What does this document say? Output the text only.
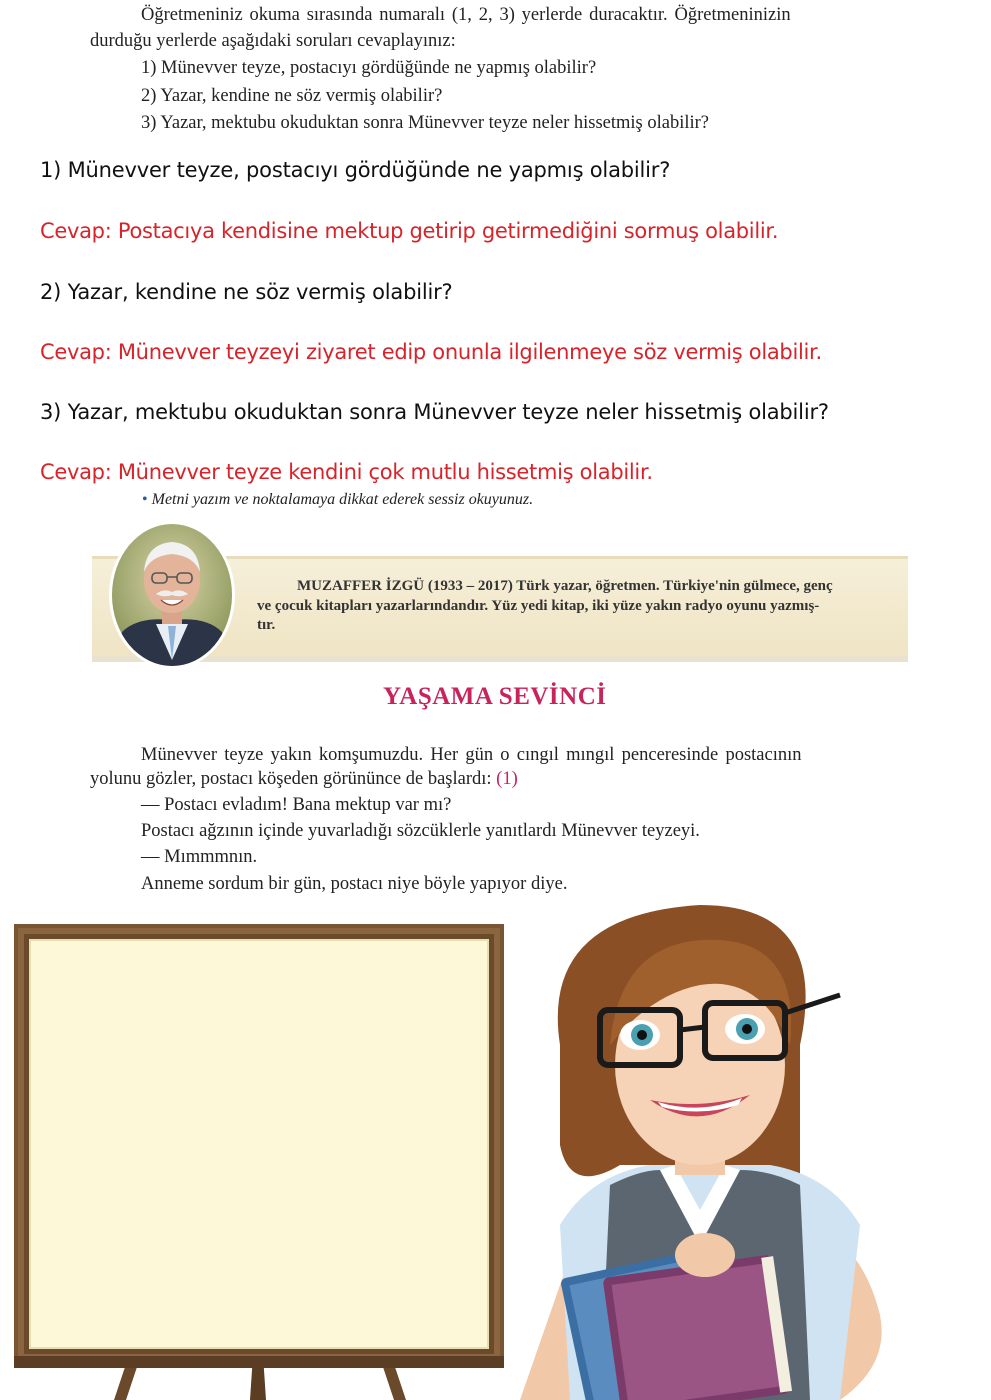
Öğretmeniniz okuma sırasında numaralı (1, 2, 3) yerlerde duracaktır. Öğretmeninizin
durduğu yerlerde aşağıdaki soruları cevaplayınız:
1) Münevver teyze, postacıyı gördüğünde ne yapmış olabilir?
2) Yazar, kendine ne söz vermiş olabilir?
3) Yazar, mektubu okuduktan sonra Münevver teyze neler hissetmiş olabilir?
1) Münevver teyze, postacıyı gördüğünde ne yapmış olabilir?
Cevap: Postacıya kendisine mektup getirip getirmediğini sormuş olabilir.
2) Yazar, kendine ne söz vermiş olabilir?
Cevap: Münevver teyzeyi ziyaret edip onunla ilgilenmeye söz vermiş olabilir.
3) Yazar, mektubu okuduktan sonra Münevver teyze neler hissetmiş olabilir?
Cevap: Münevver teyze kendini çok mutlu hissetmiş olabilir.
• Metni yazım ve noktalamaya dikkat ederek sessiz okuyunuz.
MUZAFFER İZGÜ (1933 – 2017) Türk yazar, öğretmen. Türkiye'nin gülmece, genç
ve çocuk kitapları yazarlarındandır. Yüz yedi kitap, iki yüze yakın radyo oyunu yazmış-
tır.
YAŞAMA SEVİNCİ
Münevver teyze yakın komşumuzdu. Her gün o cıngıl mıngıl penceresinde postacının
yolunu gözler, postacı köşeden görününce de başlardı: (1)
— Postacı evladım! Bana mektup var mı?
Postacı ağzının içinde yuvarladığı sözcüklerle yanıtlardı Münevver teyzeyi.
— Mımmmnın.
Anneme sordum bir gün, postacı niye böyle yapıyor diye.
